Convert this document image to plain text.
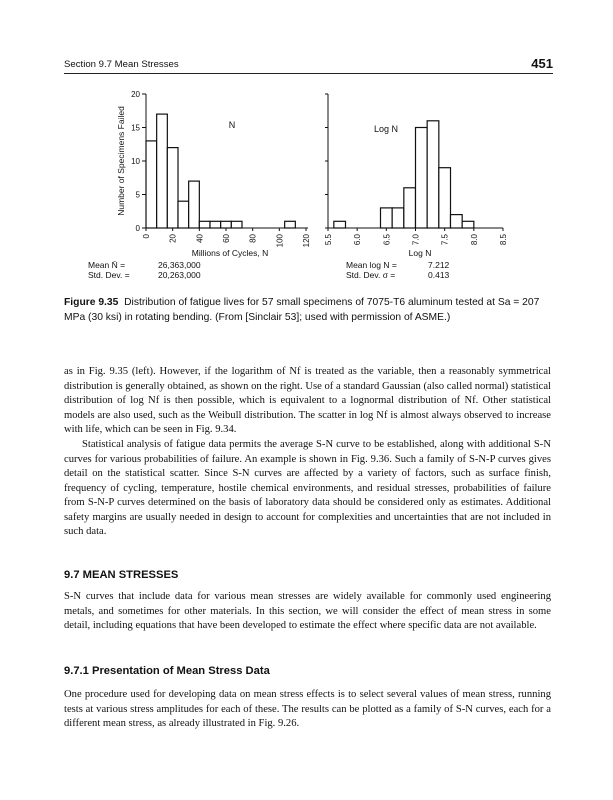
Section 9.7 Mean Stresses	451
0
5
10
15
20
0 20 40 60 80 100 120
Number of Specimens Failed	N
Millions of Cycles, N
Mean N̄ =	26,363,000
Std. Dev. =	20,263,000
5.5	6.0	6.5	7.0	7.5	8.0	8.5
Log N
Log N
Mean log N =	7.212
Std. Dev. σ =	0.413
Figure 9.35 Distribution of fatigue lives for 57 small specimens of 7075-T6 aluminum tested at Sa = 207 MPa (30 ksi) in rotating bending. (From [Sinclair 53]; used with permission of ASME.)

as in Fig. 9.35 (left). However, if the logarithm of Nf is treated as the variable, then a reasonably symmetrical distribution is generally obtained, as shown on the right. Use of a standard Gaussian (also called normal) statistical distribution of log Nf is then possible, which is equivalent to a lognormal distribution of Nf. Other statistical models are also used, such as the Weibull distribution. The scatter in log Nf is almost always observed to increase with life, which can be seen in Fig. 9.34.

Statistical analysis of fatigue data permits the average S-N curve to be established, along with additional S-N curves for various probabilities of failure. An example is shown in Fig. 9.36. Such a family of S-N-P curves gives detail on the statistical scatter. Since S-N curves are affected by a variety of factors, such as surface finish, frequency of cycling, temperature, hostile chemical environments, and residual stresses, probabilities of failure from S-N-P curves determined on the basis of laboratory data should be considered only as estimates. Additional safety margins are usually needed in design to account for complexities and uncertainties that are not included in such data.

9.7 MEAN STRESSES

S-N curves that include data for various mean stresses are widely available for commonly used engineering metals, and sometimes for other materials. In this section, we will consider the effect of mean stress in some detail, including equations that have been developed to estimate the effect where specific data are not available.

9.7.1 Presentation of Mean Stress Data

One procedure used for developing data on mean stress effects is to select several values of mean stress, running tests at various stress amplitudes for each of these. The results can be plotted as a family of S-N curves, each for a different mean stress, as already illustrated in Fig. 9.26.
